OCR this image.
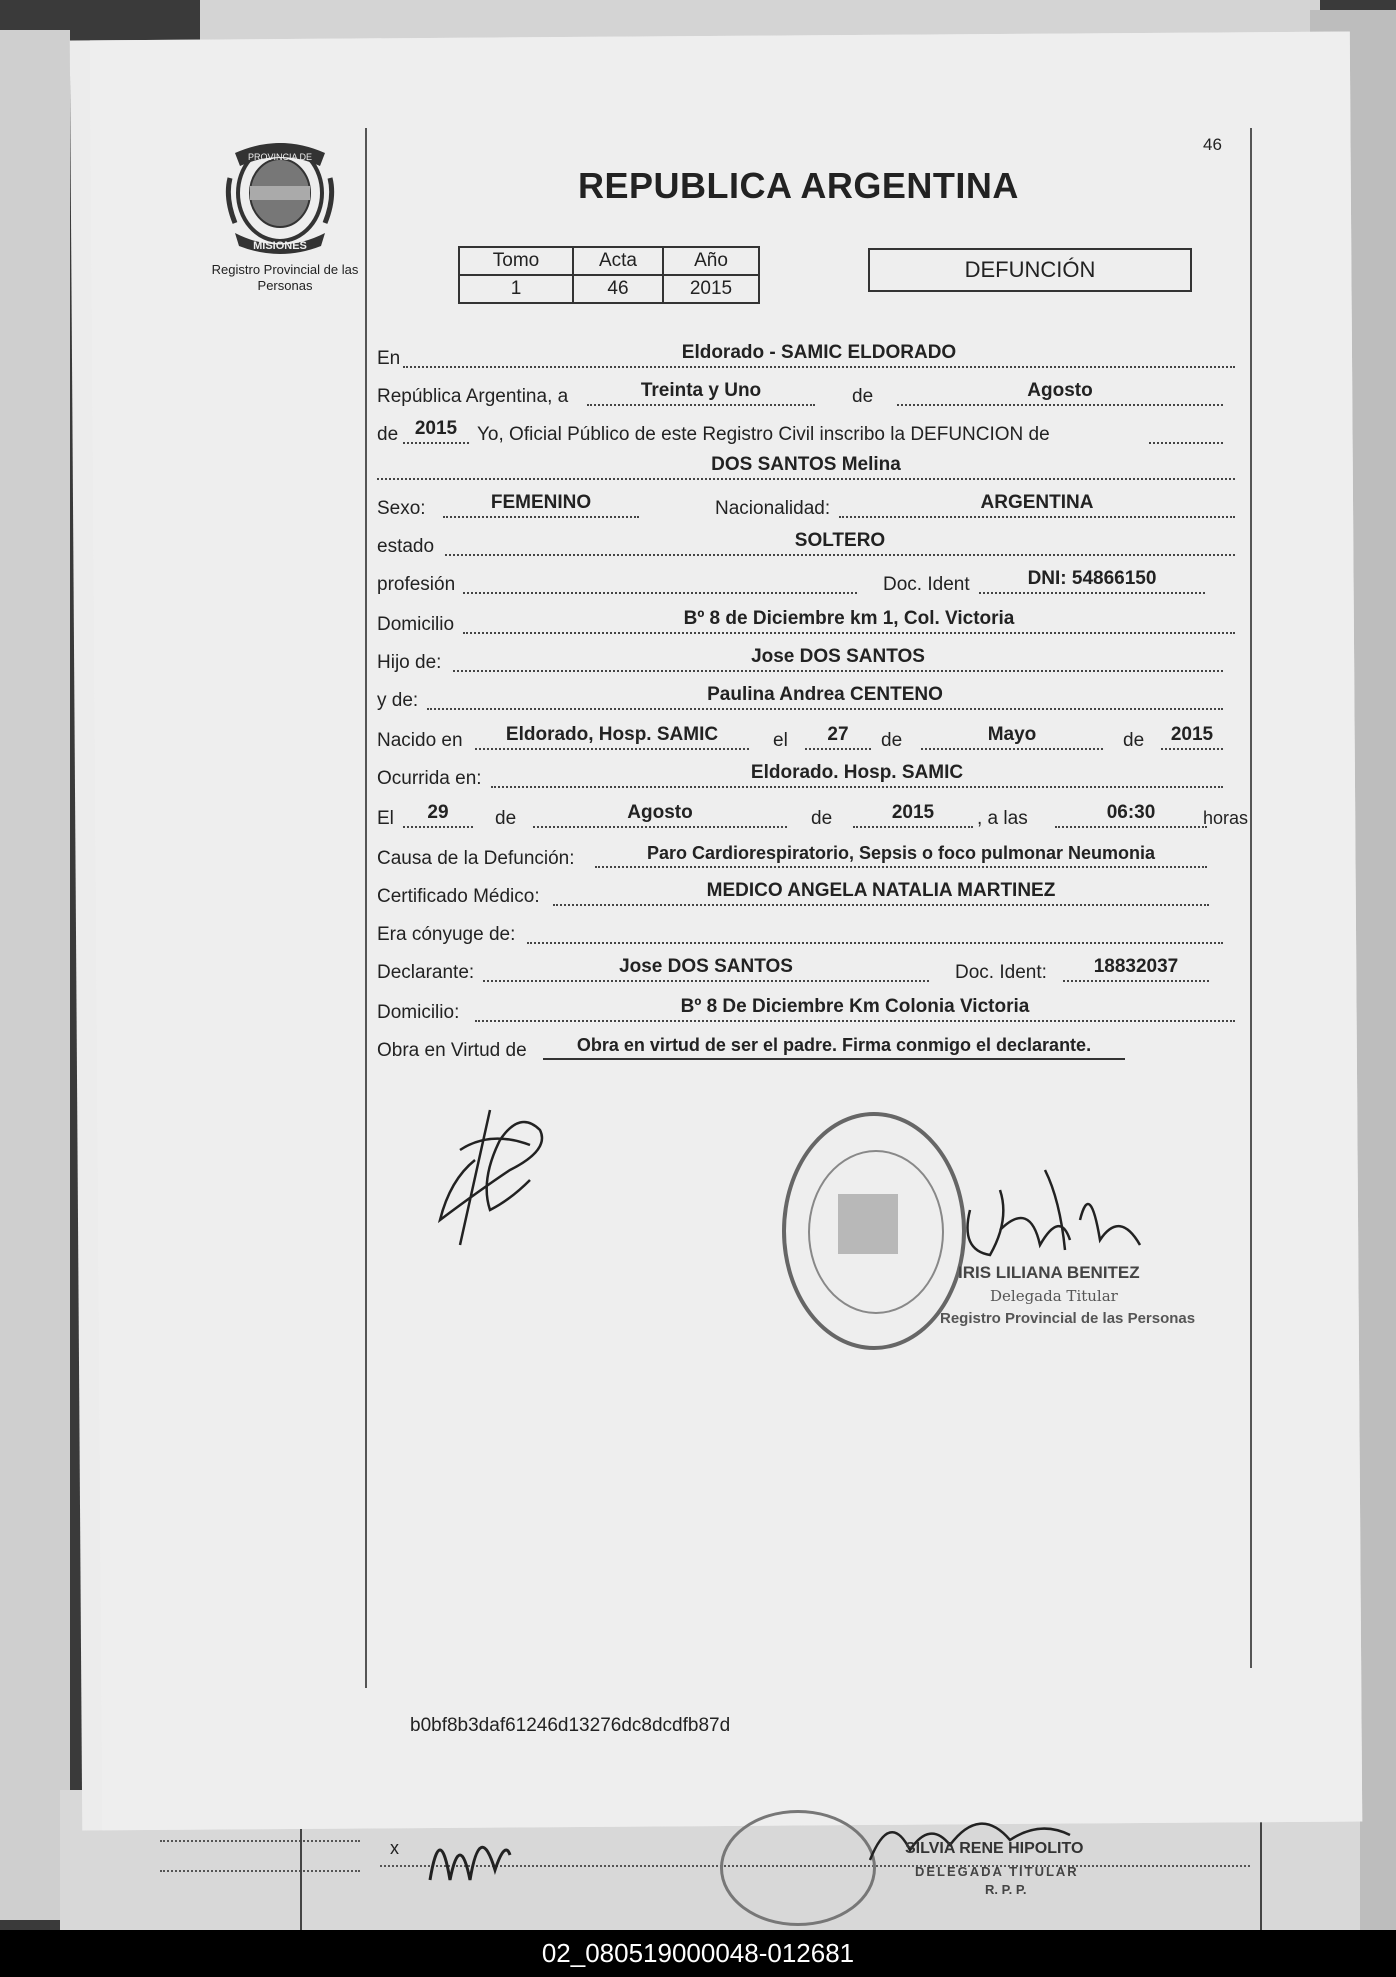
PROVINCIA DE
MISIONES
Registro Provincial de las Personas
46
REPUBLICA ARGENTINA
Tomo	Acta	Año
1	46	2015
DEFUNCIÓN
En	Eldorado - SAMIC ELDORADO
República Argentina, a	Treinta y Uno	de	Agosto
de 2015	Yo, Oficial Público de este Registro Civil inscribo la DEFUNCION de
DOS SANTOS Melina
Sexo:	FEMENINO	Nacionalidad:	ARGENTINA
estado	SOLTERO
profesión	Doc. Ident	DNI: 54866150
Domicilio	Bº 8 de Diciembre km 1, Col. Victoria
Hijo de:	Jose DOS SANTOS
y de:	Paulina Andrea CENTENO
Nacido en	Eldorado, Hosp. SAMIC	el	27	de	Mayo	de	2015
Ocurrida en:	Eldorado. Hosp. SAMIC
El	29	de	Agosto	de	2015	, a las	06:30	horas
Causa de la Defunción:	Paro Cardiorespiratorio, Sepsis o foco pulmonar Neumonia
Certificado Médico:	MEDICO ANGELA NATALIA MARTINEZ
Era cónyuge de:
Declarante:	Jose DOS SANTOS	Doc. Ident:	18832037
Domicilio:	Bº 8 De Diciembre Km Colonia Victoria
Obra en Virtud de	Obra en virtud de ser el padre. Firma conmigo el declarante.
IRIS LILIANA BENITEZ
Delegada Titular
Registro Provincial de las Personas
b0bf8b3daf61246d13276dc8dcdfb87d
x	SILVIA RENE HIPOLITO
DELEGADA TITULAR
R. P. P.
02_080519000048-012681
